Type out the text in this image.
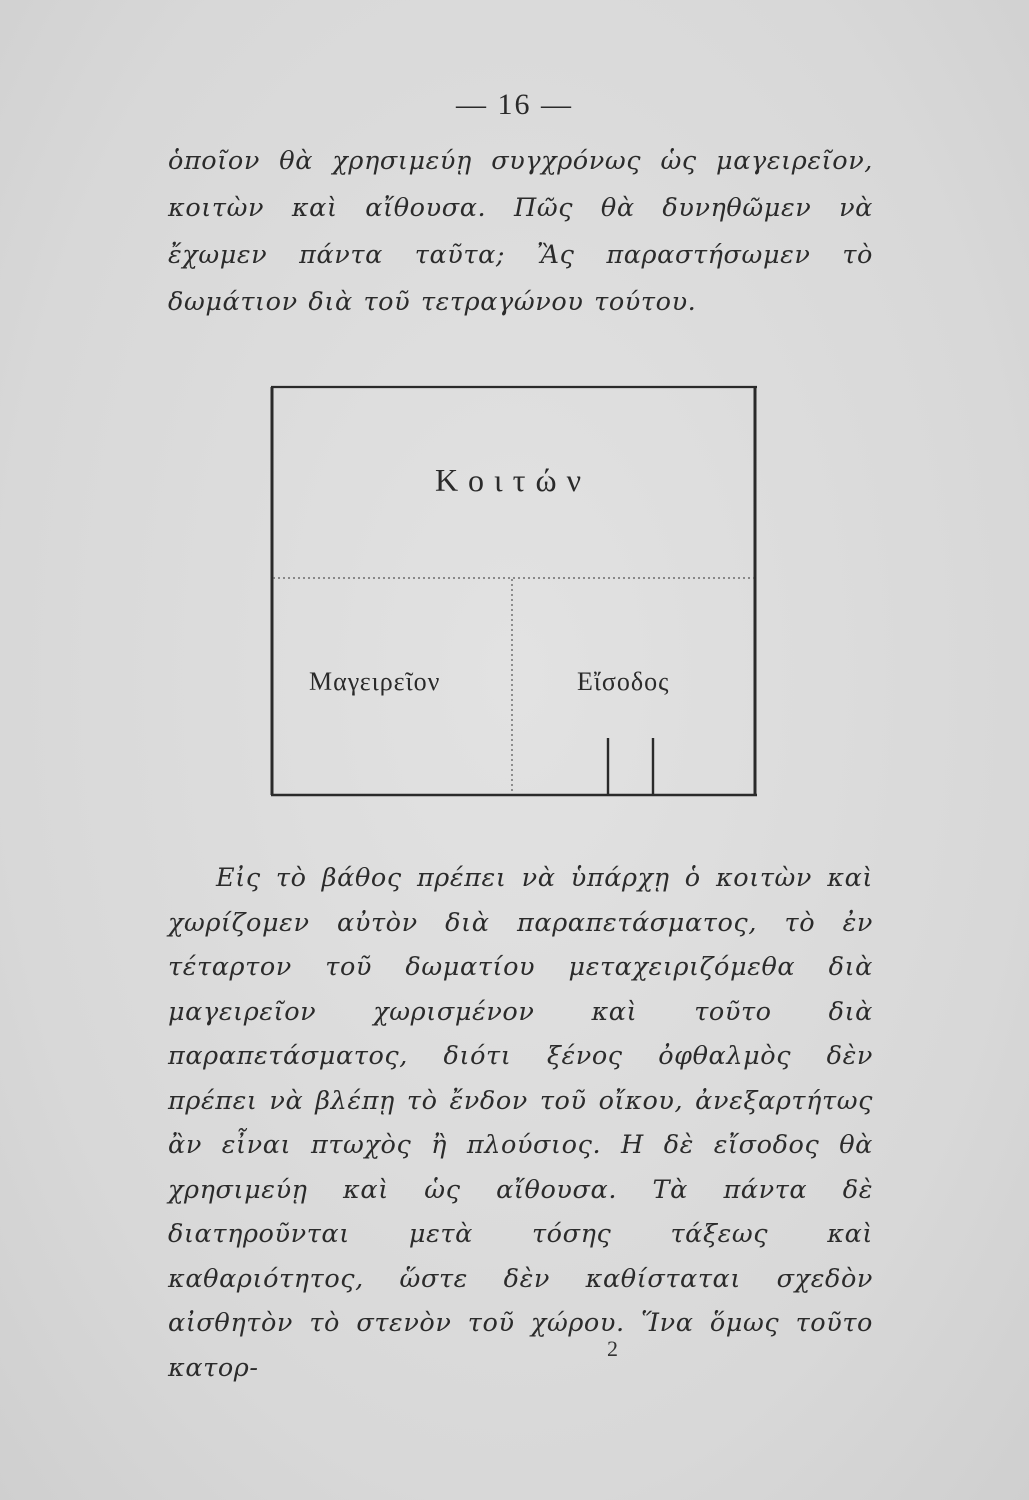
— 16 —
ὁποῖον θὰ χρησιμεύῃ συγχρόνως ὡς μαγειρεῖον, κοιτὼν καὶ αἴθουσα. Πῶς θὰ δυνηθῶμεν νὰ ἔχωμεν πάντα ταῦτα; Ἂς παραστήσωμεν τὸ δωμάτιον διὰ τοῦ τετραγώνου τούτου.
Κοιτών
Μαγειρεῖον	Εἴσοδος
Εἰς τὸ βάθος πρέπει νὰ ὑπάρχῃ ὁ κοιτὼν καὶ χωρίζομεν αὐτὸν διὰ παραπετάσματος, τὸ ἐν τέταρτον τοῦ δωματίου μεταχειριζόμεθα διὰ μαγειρεῖον χωρισμένον καὶ τοῦτο διὰ παραπετάσματος, διότι ξένος ὀφθαλμὸς δὲν πρέπει νὰ βλέπῃ τὸ ἔνδον τοῦ οἴκου, ἀνεξαρτήτως ἂν εἶναι πτωχὸς ἢ πλούσιος. Η δὲ εἴσοδος θὰ χρησιμεύῃ καὶ ὡς αἴθουσα. Τὰ πάντα δὲ διατηροῦνται μετὰ τόσης τάξεως καὶ καθαριότητος, ὥστε δὲν καθίσταται σχεδὸν αἰσθητὸν τὸ στενὸν τοῦ χώρου. Ἵνα ὅμως τοῦτο κατορ-
2
